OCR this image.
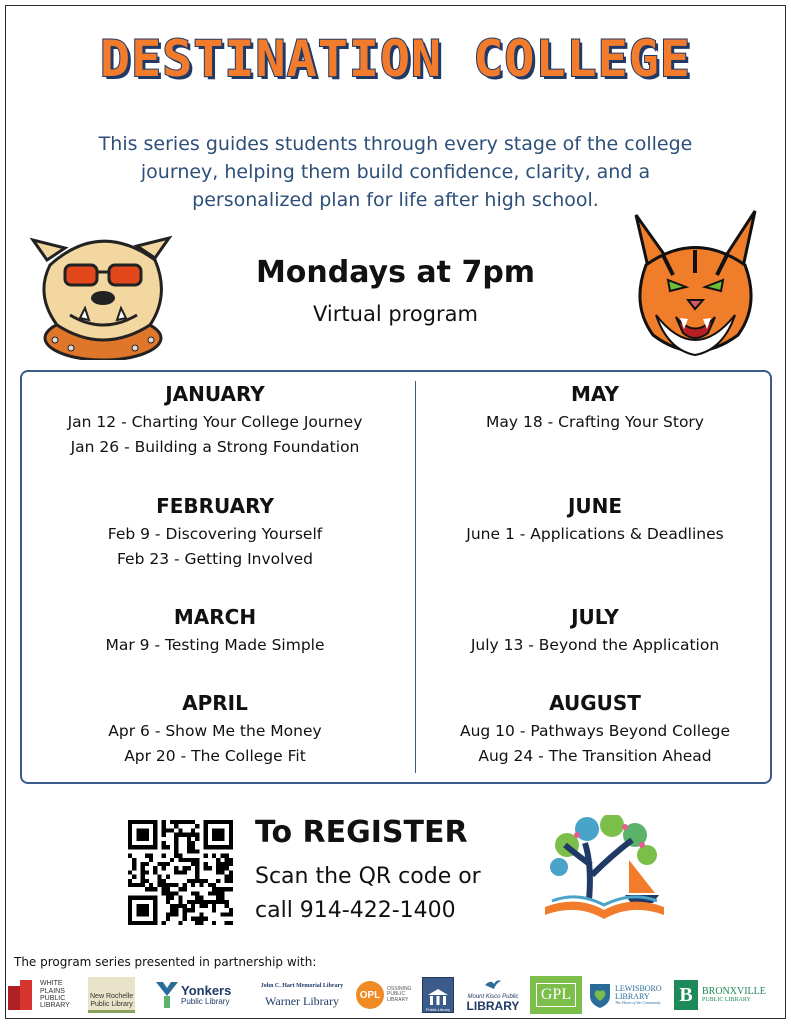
DESTINATION COLLEGE
This series guides students through every stage of the college
journey, helping them build confidence, clarity, and a
personalized plan for life after high school.
Mondays at 7pm
Virtual program
JANUARY
Jan 12 - Charting Your College Journey
Jan 26 - Building a Strong Foundation
FEBRUARY
Feb 9 - Discovering Yourself
Feb 23 - Getting Involved
MARCH
Mar 9 - Testing Made Simple
APRIL
Apr 6 - Show Me the Money
Apr 20 - The College Fit
MAY
May 18 - Crafting Your Story
JUNE
June 1 - Applications & Deadlines
JULY
July 13 - Beyond the Application
AUGUST
Aug 10 - Pathways Beyond College
Aug 24 - The Transition Ahead
To REGISTER
Scan the QR code or
call 914-422-1400
The program series presented in partnership with:
WHITE
PLAINS
PUBLIC
LIBRARY
New Rochelle
Public Library
Yonkers
Public Library
John C. Hart Memorial Library
Warner Library	OPL
OSSINING
PUBLIC
LIBRARY
Public Library
Mount Kisco Public
LIBRARY
GPL	LEWISBORO
LIBRARY
The Heart of the Community B BRONXVILLE
PUBLIC LIBRARY
